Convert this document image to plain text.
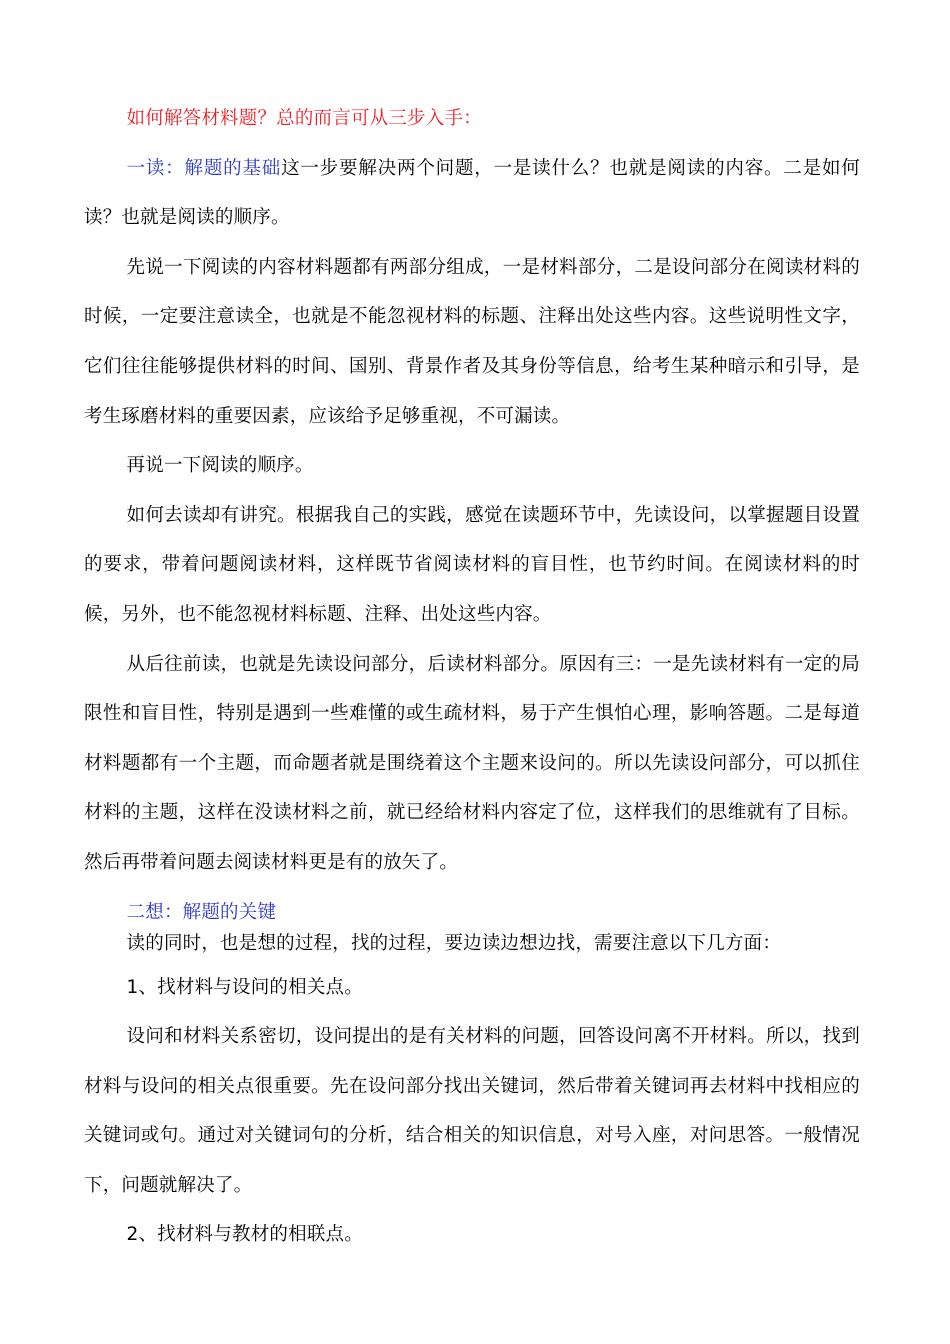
如何解答材料题？总的而言可从三步入手：

一读：解题的基础这一步要解决两个问题，一是读什么？也就是阅读的内容。二是如何读？也就是阅读的顺序。

先说一下阅读的内容材料题都有两部分组成，一是材料部分，二是设问部分在阅读材料的时候，一定要注意读全，也就是不能忽视材料的标题、注释出处这些内容。这些说明性文字，它们往往能够提供材料的时间、国别、背景作者及其身份等信息，给考生某种暗示和引导，是考生琢磨材料的重要因素，应该给予足够重视，不可漏读。

再说一下阅读的顺序。

如何去读却有讲究。根据我自己的实践，感觉在读题环节中，先读设问，以掌握题目设置的要求，带着问题阅读材料，这样既节省阅读材料的盲目性，也节约时间。在阅读材料的时候，另外，也不能忽视材料标题、注释、出处这些内容。

从后往前读，也就是先读设问部分，后读材料部分。原因有三：一是先读材料有一定的局限性和盲目性，特别是遇到一些难懂的或生疏材料，易于产生惧怕心理，影响答题。二是每道材料题都有一个主题，而命题者就是围绕着这个主题来设问的。所以先读设问部分，可以抓住材料的主题，这样在没读材料之前，就已经给材料内容定了位，这样我们的思维就有了目标。然后再带着问题去阅读材料更是有的放矢了。

二想：解题的关键

读的同时，也是想的过程，找的过程，要边读边想边找，需要注意以下几方面：

1、找材料与设问的相关点。

设问和材料关系密切，设问提出的是有关材料的问题，回答设问离不开材料。所以，找到材料与设问的相关点很重要。先在设问部分找出关键词，然后带着关键词再去材料中找相应的关键词或句。通过对关键词句的分析，结合相关的知识信息，对号入座，对问思答。一般情况下，问题就解决了。

2、找材料与教材的相联点。
